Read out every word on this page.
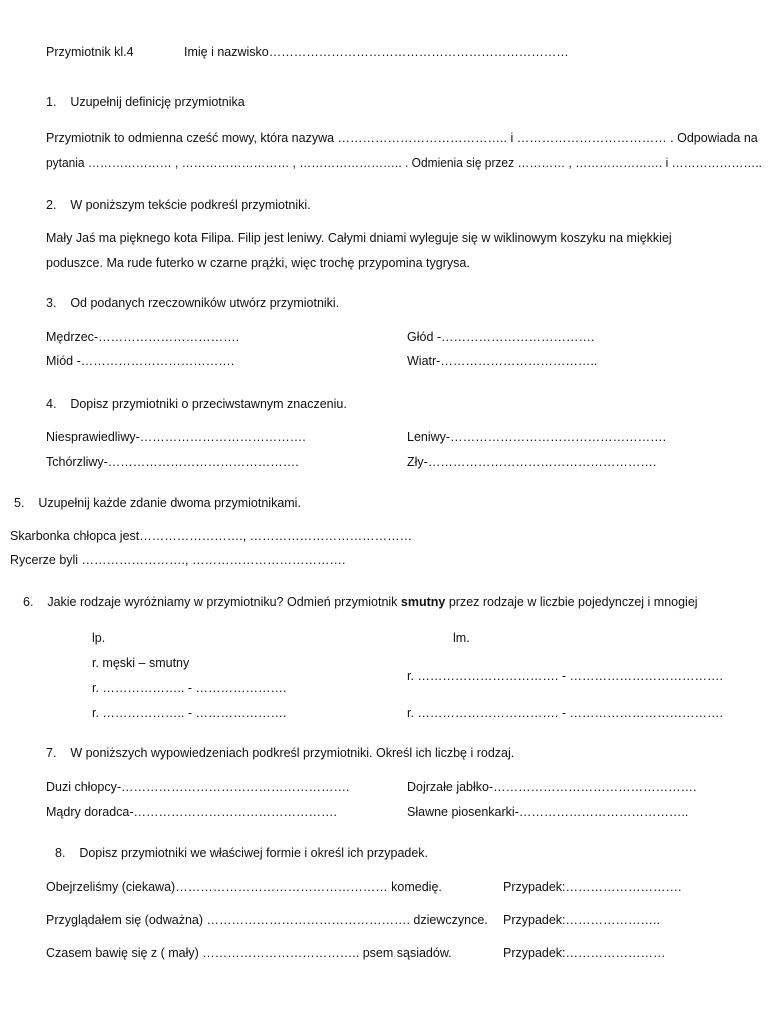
Przymiotnik kl.4	Imię i nazwisko………………………………………………………………
1.    Uzupełnij definicję przymiotnika
Przymiotnik to odmienna cześć mowy, która nazywa ………………………………….. i ……………………………… . Odpowiada na
pytania ………………… , ……………………… , …………………….. . Odmienia się przez ………… , …………………. i …………………..
2.    W poniższym tekście podkreśl przymiotniki.
Mały Jaś ma pięknego kota Filipa. Filip jest leniwy. Całymi dniami wyleguje się w wiklinowym koszyku na miękkiej
poduszce. Ma rude futerko w czarne prążki, więc trochę przypomina tygrysa.
3.    Od podanych rzeczowników utwórz przymiotniki.
Mędrzec-…………………………….
Miód -……………………………….
Głód -……………………………….
Wiatr-………………………………..
4.    Dopisz przymiotniki o przeciwstawnym znaczeniu.
Niesprawiedliwy-………………………………….
Tchórzliwy-……………………………………….
Leniwy-…………………………………………….
Zły-……………………………………………….
5.    Uzupełnij każde zdanie dwoma przymiotnikami.
Skarbonka chłopca jest……………………., …………………………………
Rycerze byli ……………………., ……………………………….
6.    Jakie rodzaje wyróżniamy w przymiotniku? Odmień przymiotnik smutny przez rodzaje w liczbie pojedynczej i mnogiej
lp.	lm.
r. męski – smutny
r. ……………….. - ………………….
r. ……………….. - ………………….
r. ……………………………. - ……………………………….
r. ……………………………. - ……………………………….
7.    W poniższych wypowiedzeniach podkreśl przymiotniki. Określ ich liczbę i rodzaj.
Duzi chłopcy-……………………………………………….
Mądry doradca-………………………………………….
Dojrzałe jabłko-………………………………………….
Sławne piosenkarki-…………………………………..
8.    Dopisz przymiotniki we właściwej formie i określ ich przypadek.
Obejrzeliśmy (ciekawa)…………………………………………… komedię.
Przyglądałem się (odważna) …………………………………………. dziewczynce.
Czasem bawię się z ( mały) ……………………………….. psem sąsiadów.
Przypadek:……………………….
Przypadek:…………………..
Przypadek:……………………
